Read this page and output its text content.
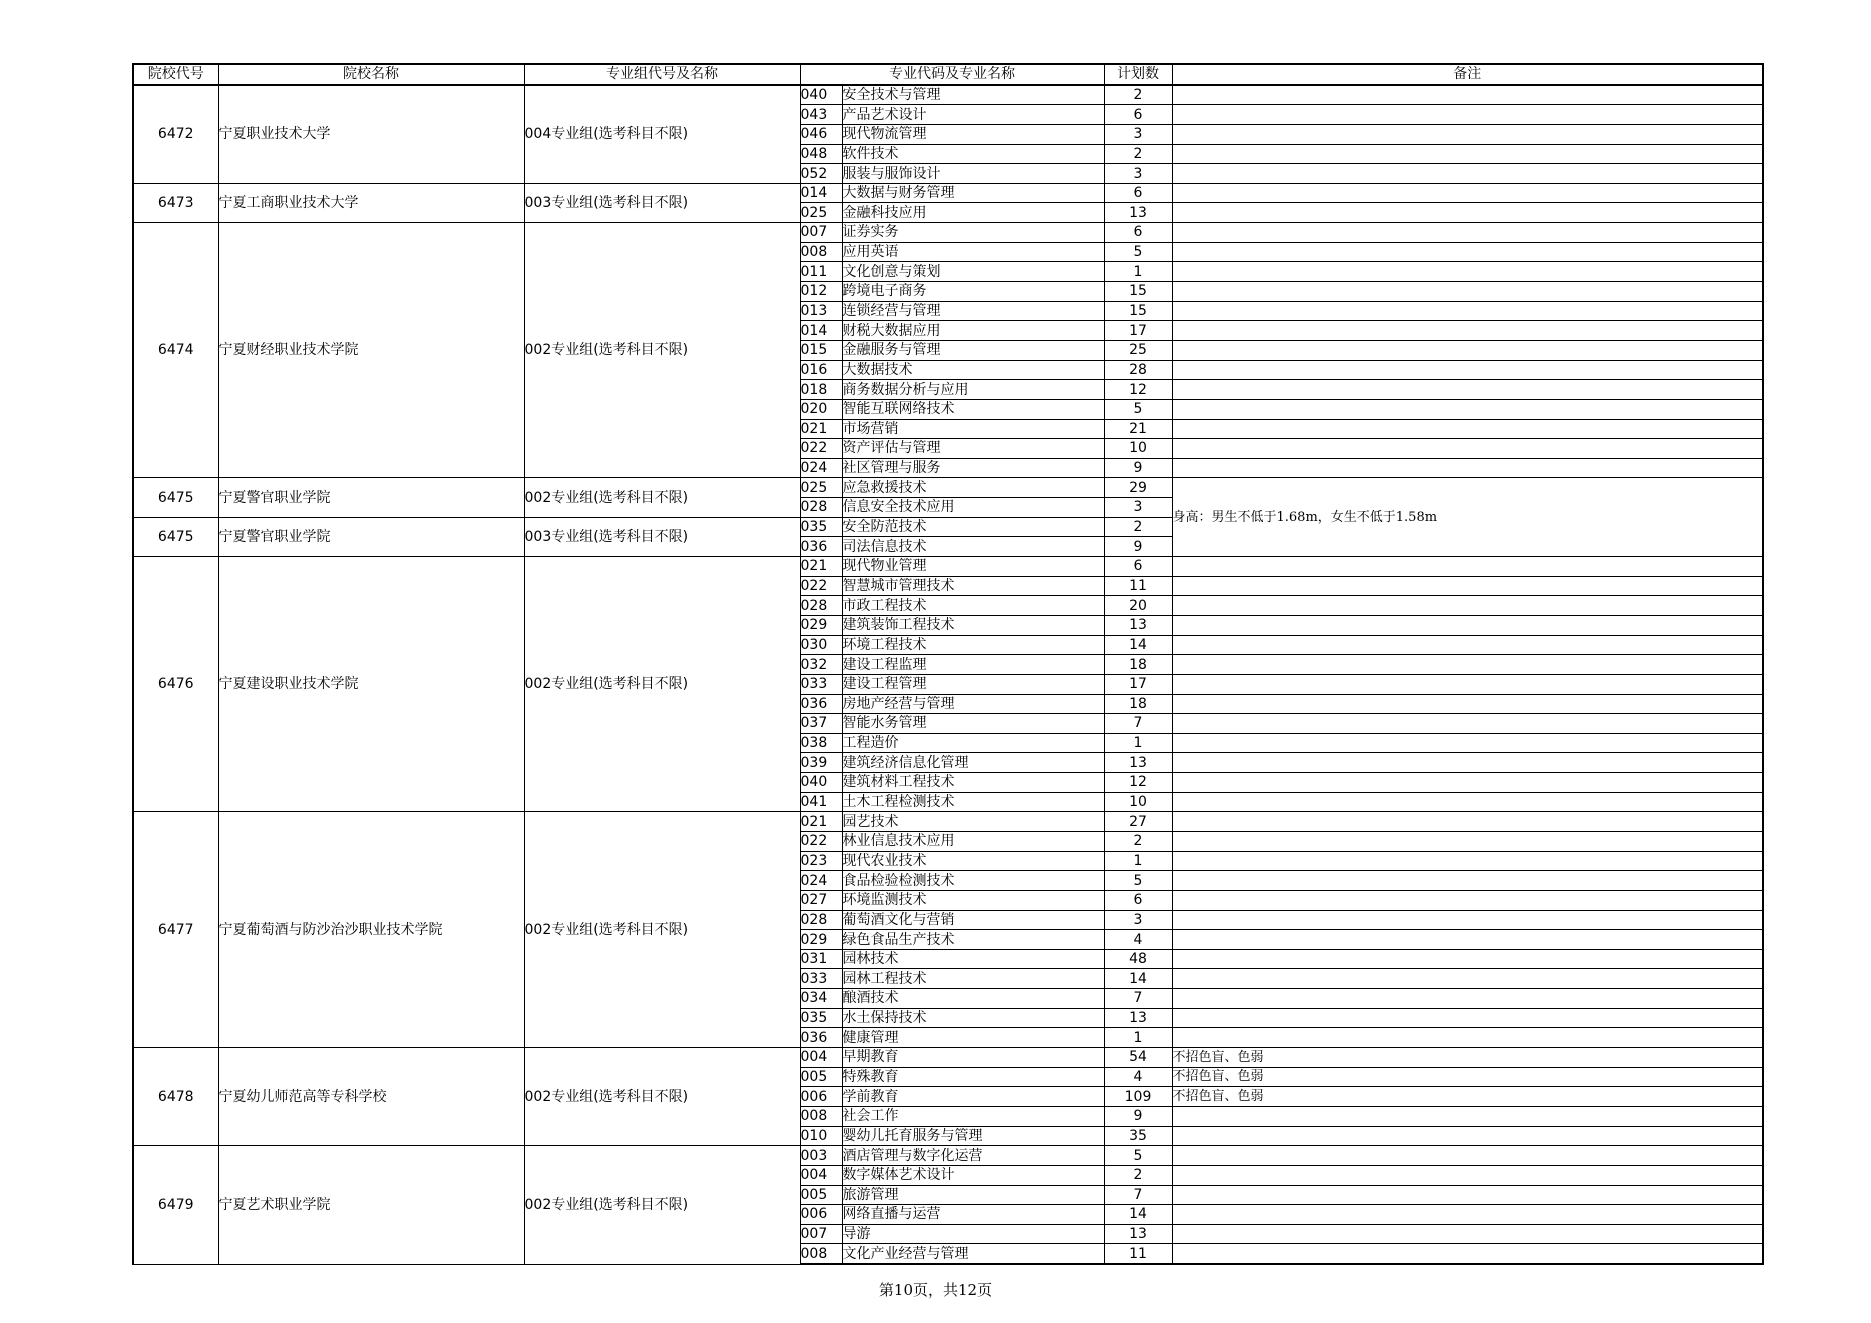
院校代号	院校名称	专业组代号及名称	专业代码及专业名称		计划数	备注
6472	宁夏职业技术大学	004专业组(选考科目不限)	040	安全技术与管理	2	
			043	产品艺术设计	6	
			046	现代物流管理	3	
			048	软件技术	2	
			052	服装与服饰设计	3	
6473	宁夏工商职业技术大学	003专业组(选考科目不限)	014	大数据与财务管理	6	
			025	金融科技应用	13	
6474	宁夏财经职业技术学院	002专业组(选考科目不限)	007	证券实务	6	
			008	应用英语	5	
			011	文化创意与策划	1	
			012	跨境电子商务	15	
			013	连锁经营与管理	15	
			014	财税大数据应用	17	
			015	金融服务与管理	25	
			016	大数据技术	28	
			018	商务数据分析与应用	12	
			020	智能互联网络技术	5	
			021	市场营销	21	
			022	资产评估与管理	10	
			024	社区管理与服务	9	
6475	宁夏警官职业学院	002专业组(选考科目不限)	025	应急救援技术	29	身高：男生不低于1.68m，女生不低于1.58m
			028	信息安全技术应用	3	
6475	宁夏警官职业学院	003专业组(选考科目不限)	035	安全防范技术	2	
			036	司法信息技术	9	
6476	宁夏建设职业技术学院	002专业组(选考科目不限)	021	现代物业管理	6	
			022	智慧城市管理技术	11	
			028	市政工程技术	20	
			029	建筑装饰工程技术	13	
			030	环境工程技术	14	
			032	建设工程监理	18	
			033	建设工程管理	17	
			036	房地产经营与管理	18	
			037	智能水务管理	7	
			038	工程造价	1	
			039	建筑经济信息化管理	13	
			040	建筑材料工程技术	12	
			041	土木工程检测技术	10	
6477	宁夏葡萄酒与防沙治沙职业技术学院	002专业组(选考科目不限)	021	园艺技术	27	
			022	林业信息技术应用	2	
			023	现代农业技术	1	
			024	食品检验检测技术	5	
			027	环境监测技术	6	
			028	葡萄酒文化与营销	3	
			029	绿色食品生产技术	4	
			031	园林技术	48	
			033	园林工程技术	14	
			034	酿酒技术	7	
			035	水土保持技术	13	
			036	健康管理	1	
6478	宁夏幼儿师范高等专科学校	002专业组(选考科目不限)	004	早期教育	54	不招色盲、色弱
			005	特殊教育	4	不招色盲、色弱
			006	学前教育	109	不招色盲、色弱
			008	社会工作	9	
			010	婴幼儿托育服务与管理	35	
6479	宁夏艺术职业学院	002专业组(选考科目不限)	003	酒店管理与数字化运营	5	
			004	数字媒体艺术设计	2	
			005	旅游管理	7	
			006	网络直播与运营	14	
			007	导游	13	
			008	文化产业经营与管理	11	
第10页，共12页
